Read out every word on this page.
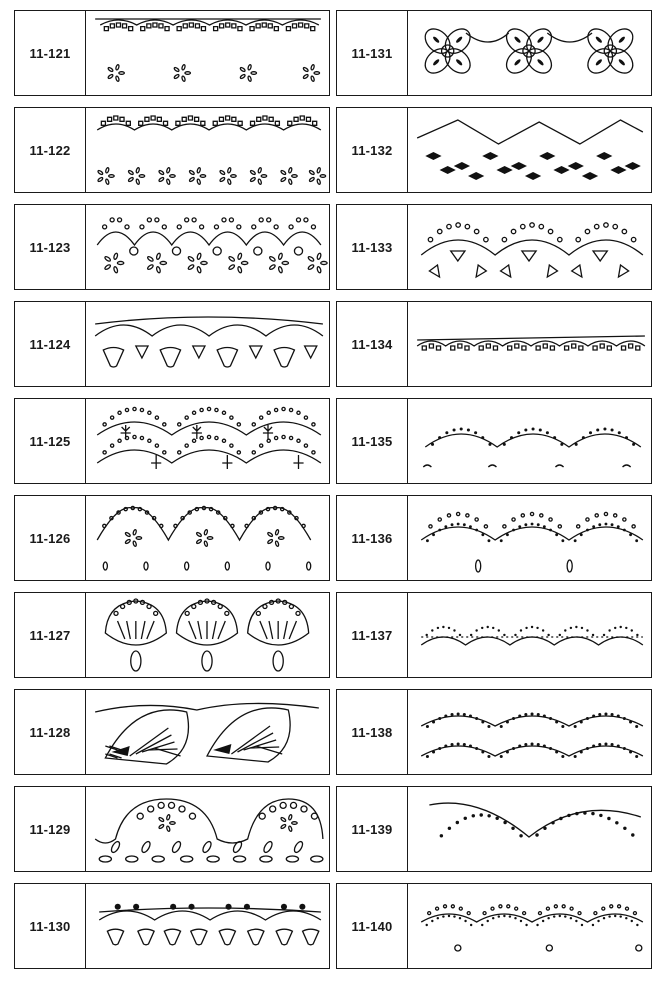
11-121
11-122
11-123
11-124
11-125
11-126
11-127
11-128
11-129
11-130
11-131
11-132
11-133
11-134
11-135
11-136
11-137
11-138
11-139
11-140
